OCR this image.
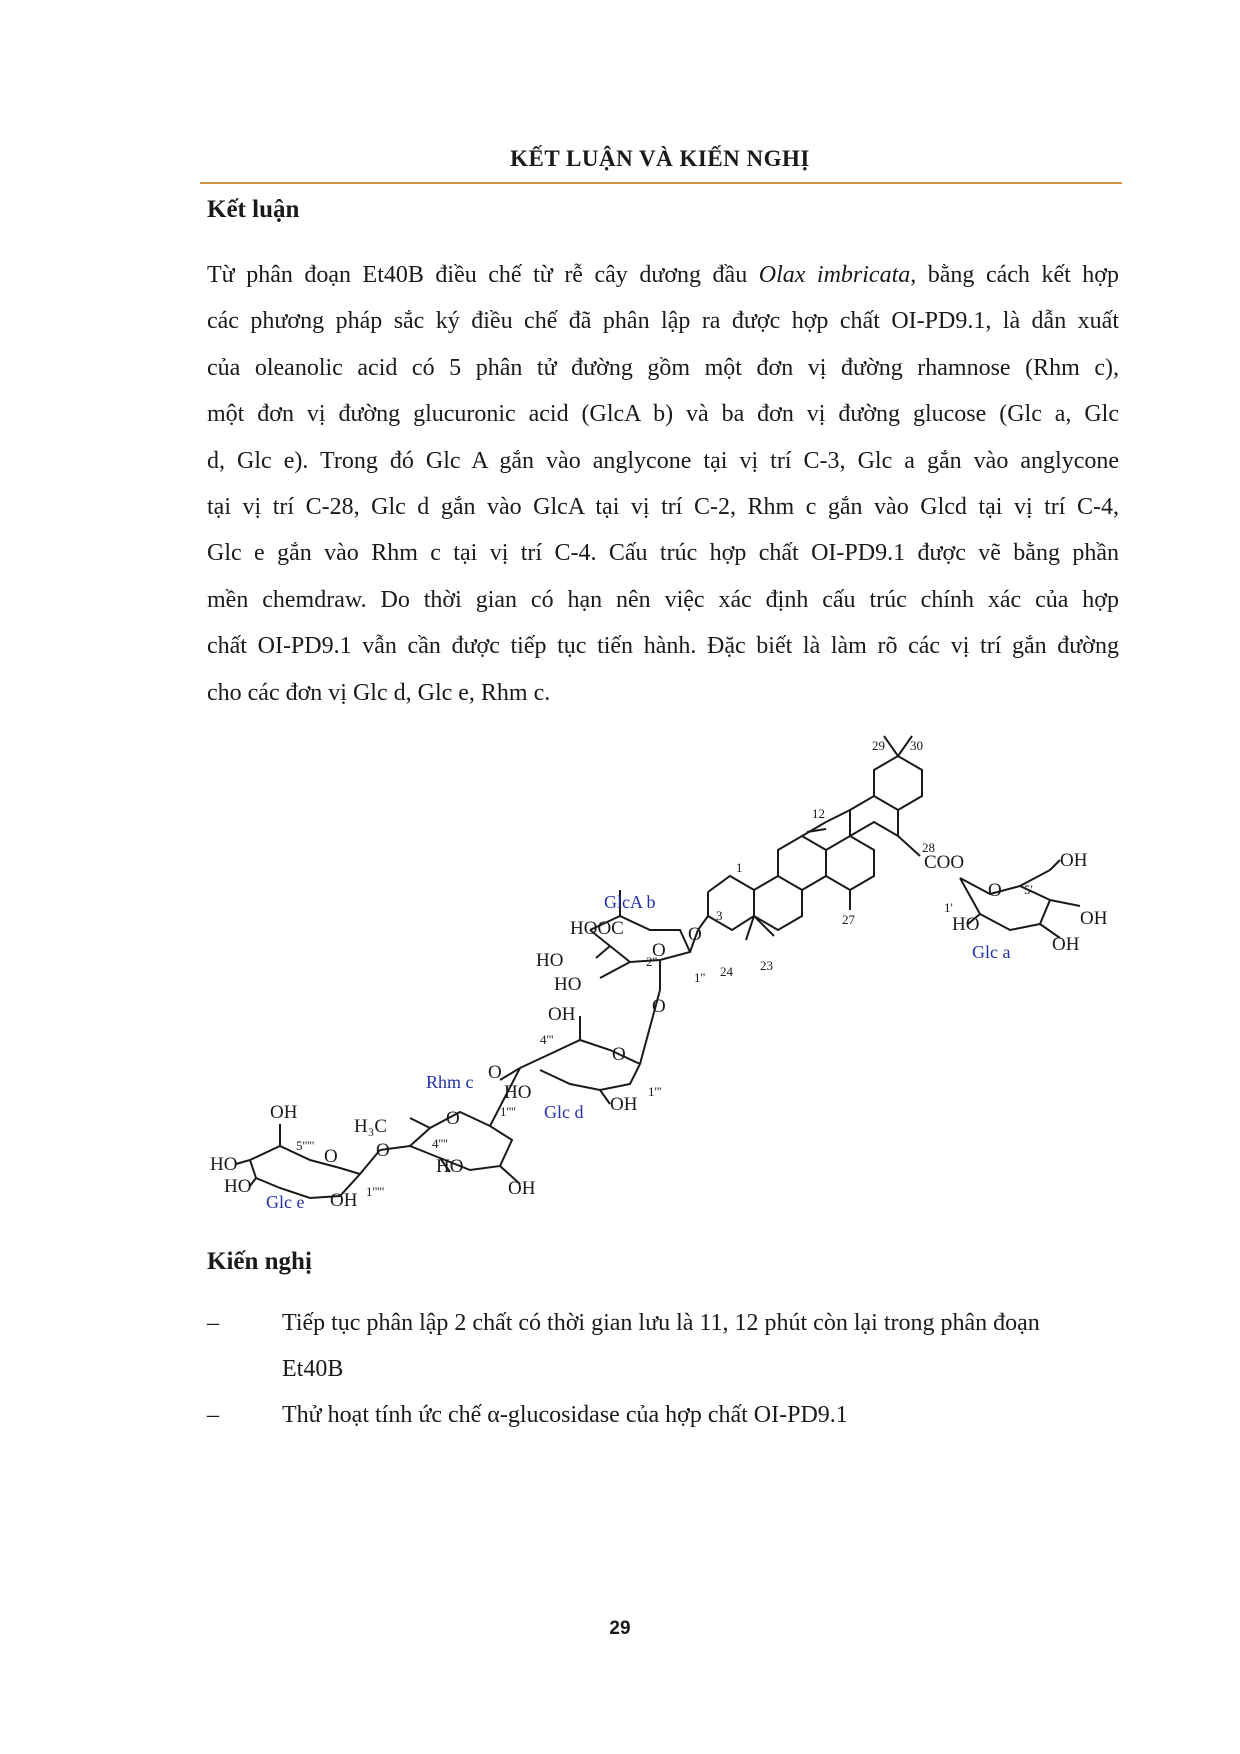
KẾT LUẬN VÀ KIẾN NGHỊ
Kết luận
Từ phân đoạn Et40B điều chế từ rễ cây dương đầu Olax imbricata, bằng cách kết hợp
các phương pháp sắc ký điều chế đã phân lập ra được hợp chất OI-PD9.1, là dẫn xuất
của oleanolic acid có 5 phân tử đường gồm một đơn vị đường rhamnose (Rhm c),
một đơn vị đường glucuronic acid (GlcA b) và ba đơn vị đường glucose (Glc a, Glc
d, Glc e). Trong đó Glc A gắn vào anglycone tại vị trí C-3, Glc a gắn vào anglycone
tại vị trí C-28, Glc d gắn vào GlcA tại vị trí C-2, Rhm c gắn vào Glcd tại vị trí C-4,
Glc e gắn vào Rhm c tại vị trí C-4. Cấu trúc hợp chất OI-PD9.1 được vẽ bằng phần
mền chemdraw. Do thời gian có hạn nên việc xác định cấu trúc chính xác của hợp
chất OI-PD9.1 vẫn cần được tiếp tục tiến hành. Đặc biết là làm rõ các vị trí gắn đường
cho các đơn vị Glc d, Glc e, Rhm c.
29 30
12
28
COO	OH
O 5'
1'
HO	OH
OH
Glc a
1
3	27
24 23
O
GlcA b
HOOC
O
2''
1''
HO
HO
O
OH
4'''
O
O
Rhm c HO	1'''
OH
Glc d
O	1''''
OH
H₃C
5'''''	O	4''''
O
HO	HO
HO	OH
1'''''
OH
Glc e
Kiến nghị
–	Tiếp tục phân lập 2 chất có thời gian lưu là 11, 12 phút còn lại trong phân đoạn
Et40B
–	Thử hoạt tính ức chế α-glucosidase của hợp chất OI-PD9.1
29
